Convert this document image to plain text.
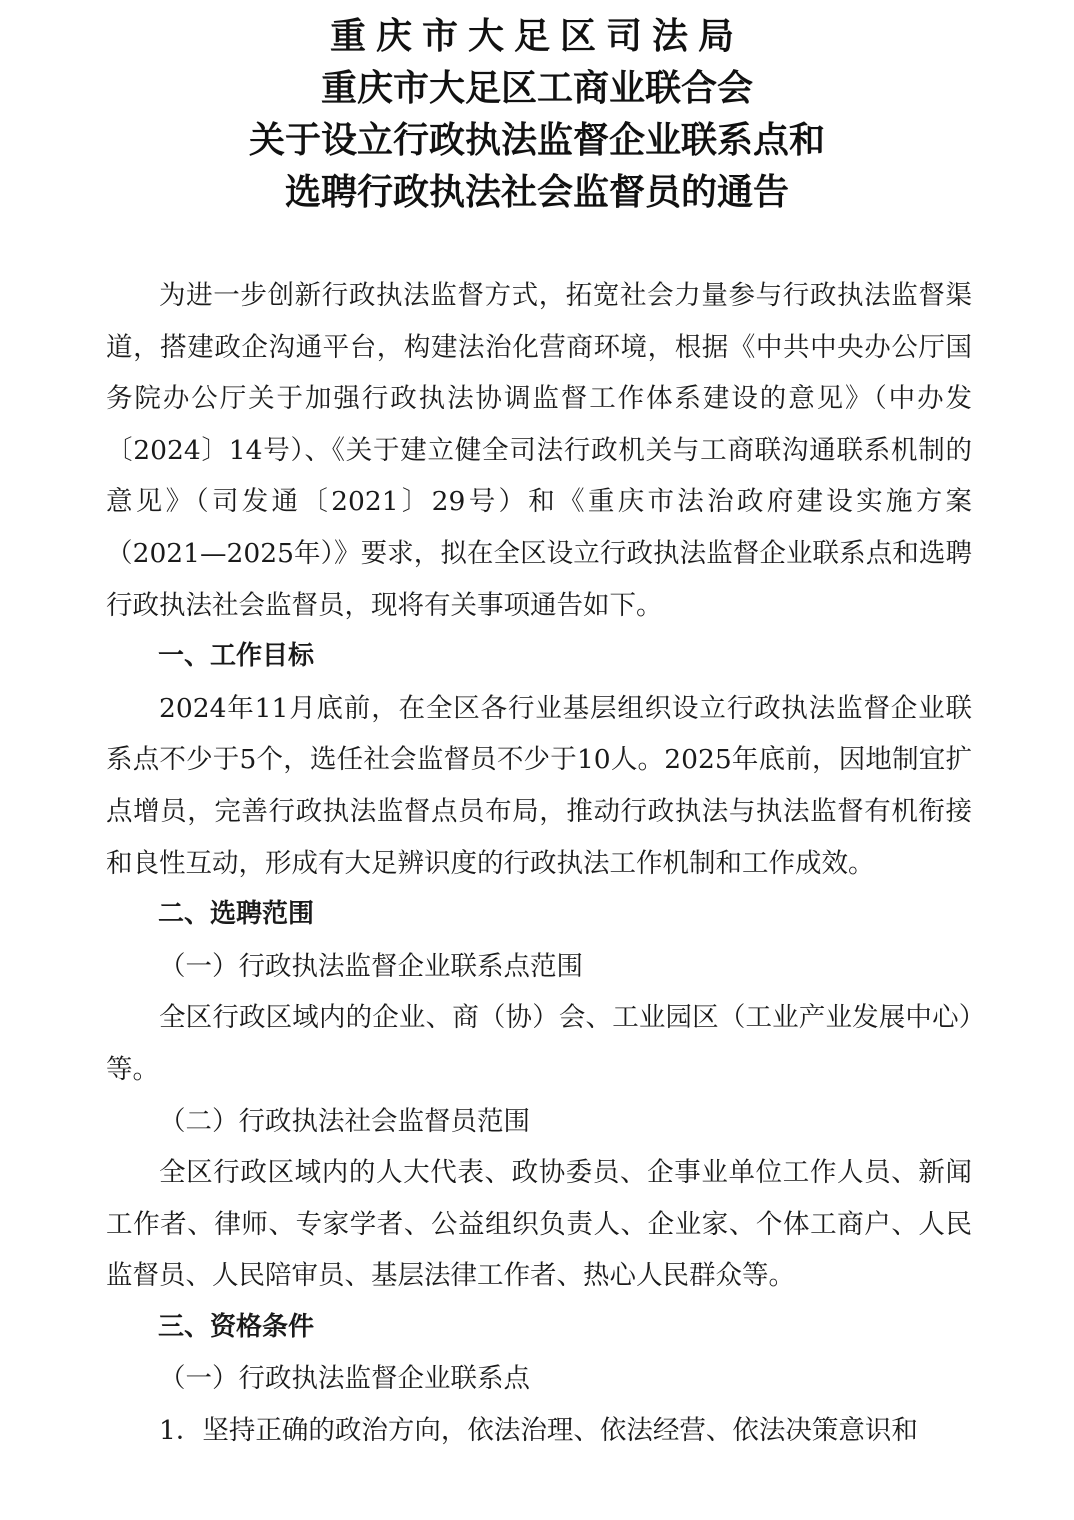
重庆市大足区司法局
重庆市大足区工商业联合会
关于设立行政执法监督企业联系点和
选聘行政执法社会监督员的通告

为进一步创新行政执法监督方式，拓宽社会力量参与行政执法监督渠道，搭建政企沟通平台，构建法治化营商环境，根据《中共中央办公厅国务院办公厅关于加强行政执法协调监督工作体系建设的意见》（中办发〔2024〕14号）、《关于建立健全司法行政机关与工商联沟通联系机制的意见》（司发通〔2021〕29号）和《重庆市法治政府建设实施方案（2021—2025年）》要求，拟在全区设立行政执法监督企业联系点和选聘行政执法社会监督员，现将有关事项通告如下。

一、工作目标

2024年11月底前，在全区各行业基层组织设立行政执法监督企业联系点不少于5个，选任社会监督员不少于10人。2025年底前，因地制宜扩点增员，完善行政执法监督点员布局，推动行政执法与执法监督有机衔接和良性互动，形成有大足辨识度的行政执法工作机制和工作成效。

二、选聘范围

（一）行政执法监督企业联系点范围

全区行政区域内的企业、商（协）会、工业园区（工业产业发展中心）等。

（二）行政执法社会监督员范围

全区行政区域内的人大代表、政协委员、企事业单位工作人员、新闻工作者、律师、专家学者、公益组织负责人、企业家、个体工商户、人民监督员、人民陪审员、基层法律工作者、热心人民群众等。

三、资格条件

（一）行政执法监督企业联系点

1．坚持正确的政治方向，依法治理、依法经营、依法决策意识和
